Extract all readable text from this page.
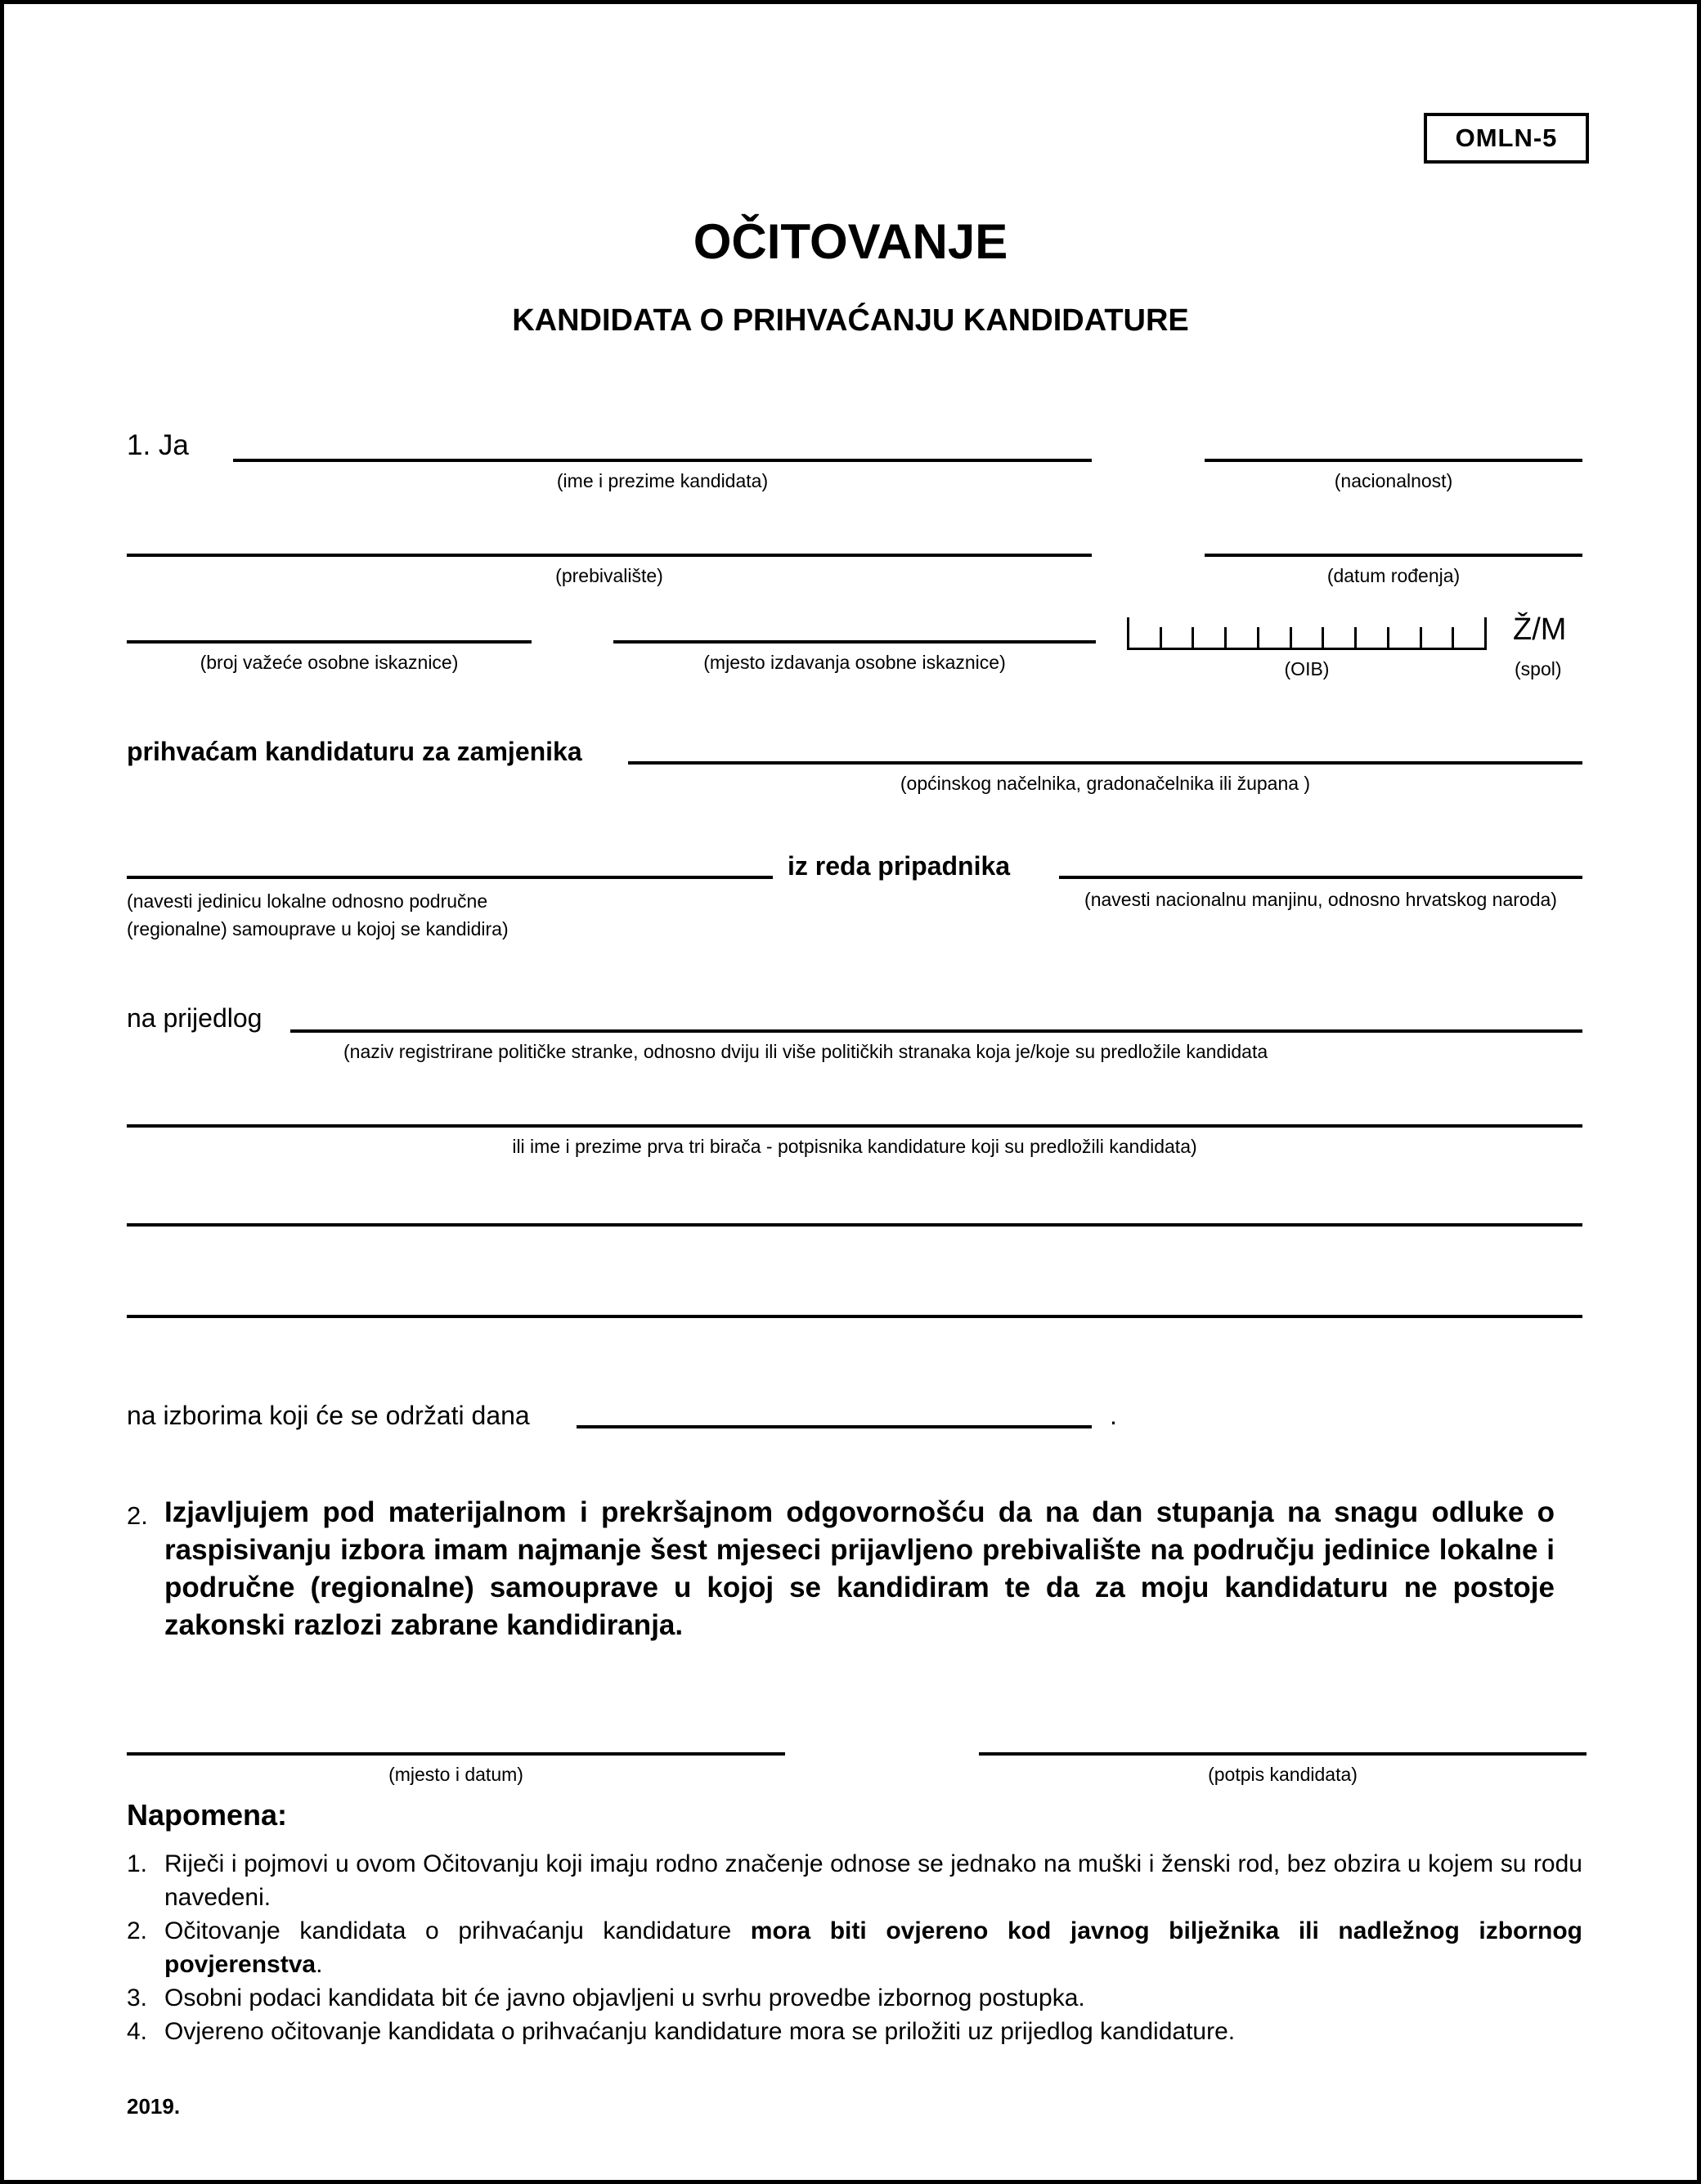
OMLN-5
OČITOVANJE
KANDIDATA O PRIHVAĆANJU KANDIDATURE
1. Ja
(ime i prezime kandidata)	(nacionalnost)
(prebivalište)	(datum rođenja)
(broj važeće osobne iskaznice)	(mjesto izdavanja osobne iskaznice)	(OIB)
Ž/M
(spol)
prihvaćam kandidaturu za zamjenika
(općinskog načelnika, gradonačelnika ili župana )
iz reda pripadnika
(navesti jedinicu lokalne odnosno područne
(regionalne) samouprave u kojoj se kandidira)
(navesti nacionalnu manjinu, odnosno hrvatskog naroda)
na prijedlog
(naziv registrirane političke stranke, odnosno dviju ili više političkih stranaka koja je/koje su predložile kandidata
ili ime i prezime prva tri birača - potpisnika kandidature koji su predložili kandidata)
na izborima koji će se održati dana	.
2. Izjavljujem pod materijalnom i prekršajnom odgovornošću da na dan stupanja na snagu odluke o raspisivanju izbora imam najmanje šest mjeseci prijavljeno prebivalište na području jedinice lokalne i područne (regionalne) samouprave u kojoj se kandidiram te da za moju kandidaturu ne postoje zakonski razlozi zabrane kandidiranja.
(mjesto i datum)	(potpis kandidata)
Napomena:
1. Riječi i pojmovi u ovom Očitovanju koji imaju rodno značenje odnose se jednako na muški i ženski rod, bez obzira u kojem su rodu navedeni.
2. Očitovanje kandidata o prihvaćanju kandidature mora biti ovjereno kod javnog bilježnika ili nadležnog izbornog povjerenstva.
3. Osobni podaci kandidata bit će javno objavljeni u svrhu provedbe izbornog postupka.
4. Ovjereno očitovanje kandidata o prihvaćanju kandidature mora se priložiti uz prijedlog kandidature.
2019.
